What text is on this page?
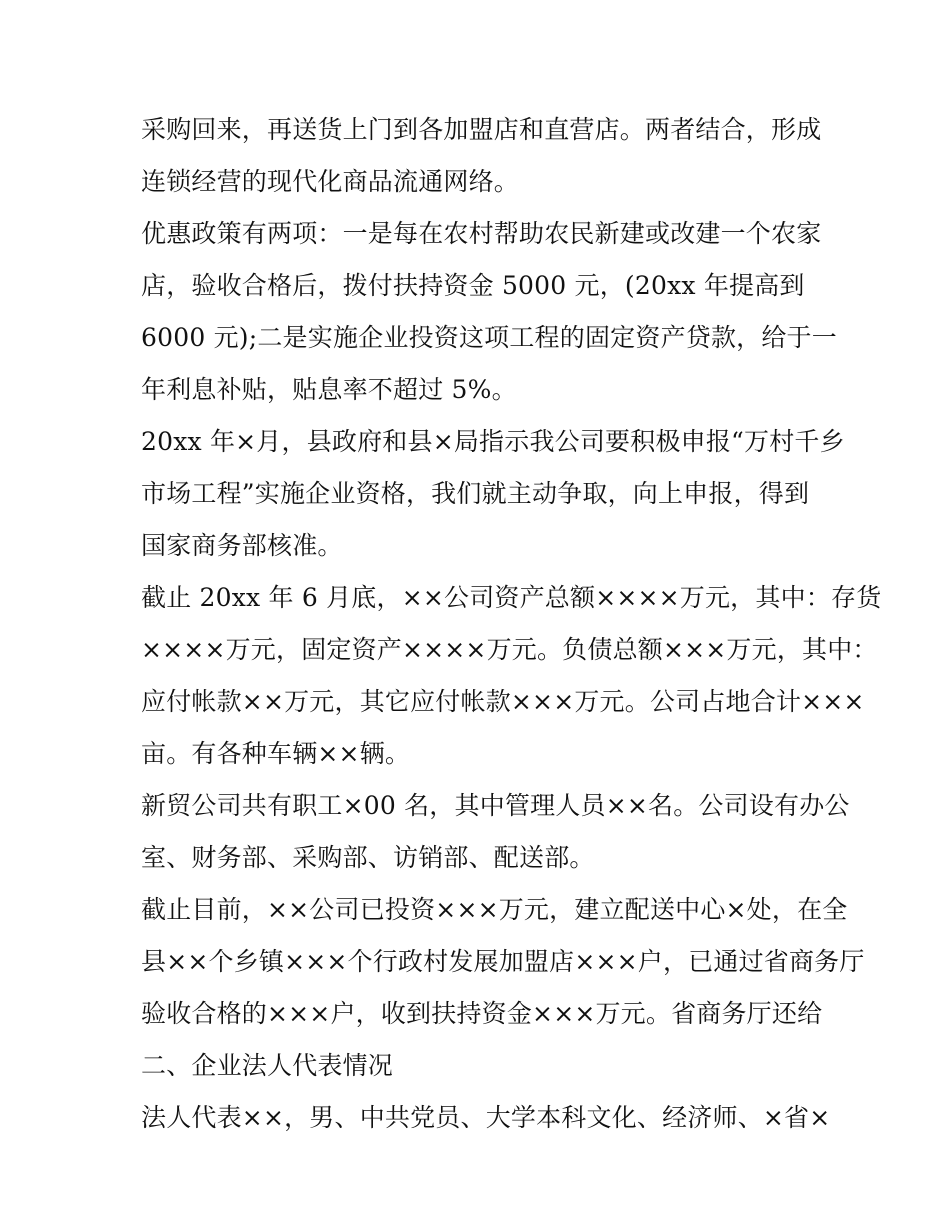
采购回来，再送货上门到各加盟店和直营店。两者结合，形成
连锁经营的现代化商品流通网络。
优惠政策有两项：一是每在农村帮助农民新建或改建一个农家
店，验收合格后，拨付扶持资金 5000 元，(20xx 年提高到
6000 元);二是实施企业投资这项工程的固定资产贷款，给于一
年利息补贴，贴息率不超过 5%。
20xx 年×月，县政府和县×局指示我公司要积极申报“万村千乡
市场工程”实施企业资格，我们就主动争取，向上申报，得到
国家商务部核准。
截止 20xx 年 6 月底，××公司资产总额××××万元，其中：存货
××××万元，固定资产××××万元。负债总额×××万元，其中：
应付帐款××万元，其它应付帐款×××万元。公司占地合计×××
亩。有各种车辆××辆。
新贸公司共有职工×00 名，其中管理人员××名。公司设有办公
室、财务部、采购部、访销部、配送部。
截止目前，××公司已投资×××万元，建立配送中心×处，在全
县××个乡镇×××个行政村发展加盟店×××户，已通过省商务厅
验收合格的×××户，收到扶持资金×××万元。省商务厅还给
二、企业法人代表情况
法人代表××，男、中共党员、大学本科文化、经济师、×省×
